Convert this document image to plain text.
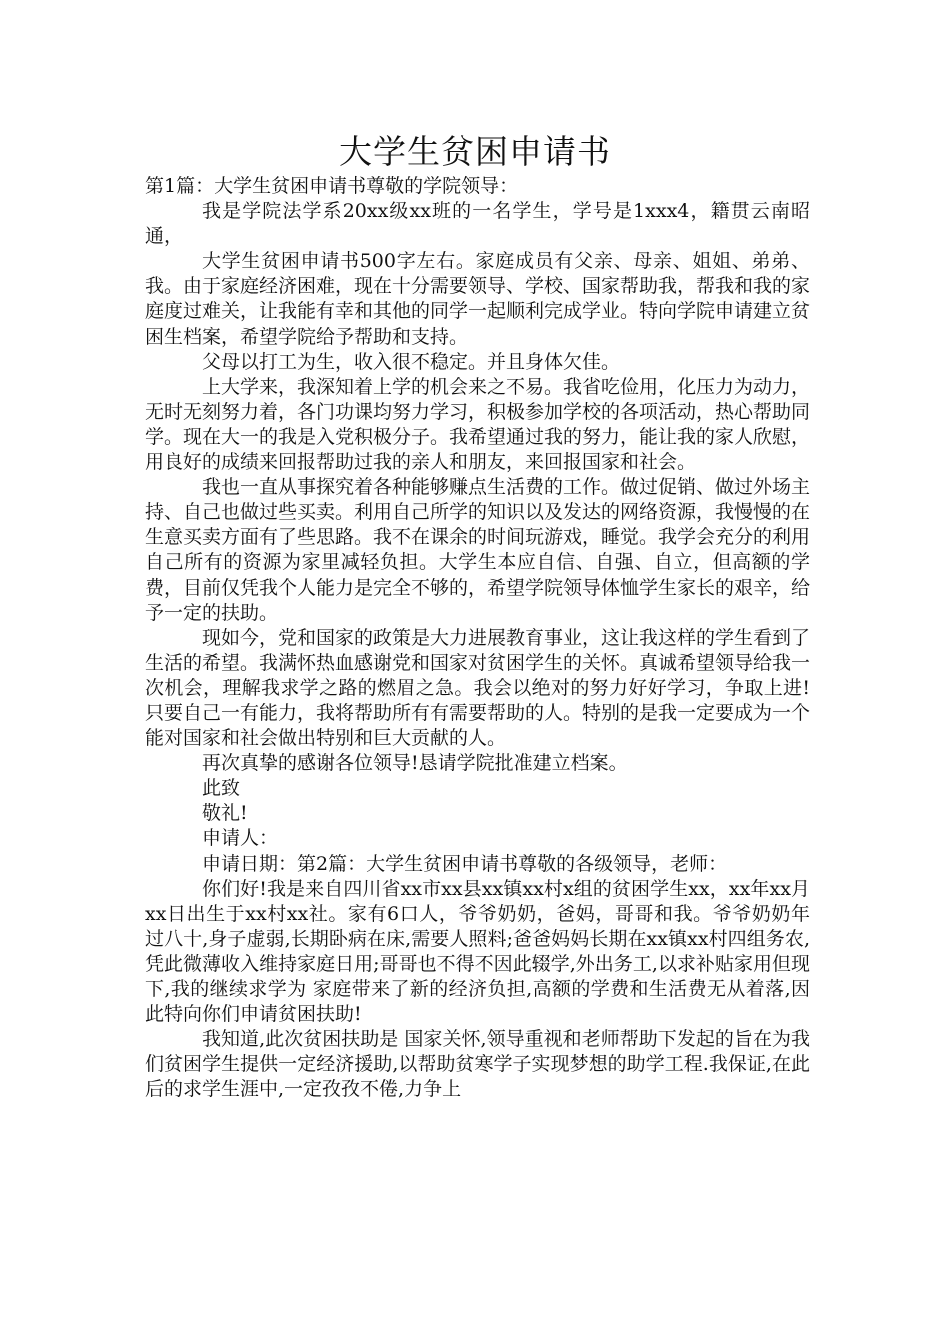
大学生贫困申请书

第1篇：大学生贫困申请书尊敬的学院领导：

我是学院法学系20xx级xx班的一名学生，学号是1xxx4，籍贯云南昭通，

大学生贫困申请书500字左右。家庭成员有父亲、母亲、姐姐、弟弟、我。由于家庭经济困难，现在十分需要领导、学校、国家帮助我，帮我和我的家庭度过难关，让我能有幸和其他的同学一起顺利完成学业。特向学院申请建立贫困生档案，希望学院给予帮助和支持。

父母以打工为生，收入很不稳定。并且身体欠佳。

上大学来，我深知着上学的机会来之不易。我省吃俭用，化压力为动力，无时无刻努力着，各门功课均努力学习，积极参加学校的各项活动，热心帮助同学。现在大一的我是入党积极分子。我希望通过我的努力，能让我的家人欣慰，用良好的成绩来回报帮助过我的亲人和朋友，来回报国家和社会。

我也一直从事探究着各种能够赚点生活费的工作。做过促销、做过外场主持、自己也做过些买卖。利用自己所学的知识以及发达的网络资源，我慢慢的在生意买卖方面有了些思路。我不在课余的时间玩游戏，睡觉。我学会充分的利用自己所有的资源为家里减轻负担。大学生本应自信、自强、自立，但高额的学费，目前仅凭我个人能力是完全不够的，希望学院领导体恤学生家长的艰辛，给予一定的扶助。

现如今，党和国家的政策是大力进展教育事业，这让我这样的学生看到了生活的希望。我满怀热血感谢党和国家对贫困学生的关怀。真诚希望领导给我一次机会，理解我求学之路的燃眉之急。我会以绝对的努力好好学习，争取上进!只要自己一有能力，我将帮助所有有需要帮助的人。特别的是我一定要成为一个能对国家和社会做出特别和巨大贡献的人。

再次真挚的感谢各位领导!恳请学院批准建立档案。

此致

敬礼!

申请人：

申请日期：第2篇：大学生贫困申请书尊敬的各级领导，老师：

你们好!我是来自四川省xx市xx县xx镇xx村x组的贫困学生xx，xx年xx月xx日出生于xx村xx社。家有6口人，爷爷奶奶，爸妈，哥哥和我。爷爷奶奶年过八十,身子虚弱,长期卧病在床,需要人照料;爸爸妈妈长期在xx镇xx村四组务农,凭此微薄收入维持家庭日用;哥哥也不得不因此辍学,外出务工,以求补贴家用但现下,我的继续求学为 家庭带来了新的经济负担,高额的学费和生活费无从着落,因此特向你们申请贫困扶助!

我知道,此次贫困扶助是 国家关怀,领导重视和老师帮助下发起的旨在为我们贫困学生提供一定经济援助,以帮助贫寒学子实现梦想的助学工程.我保证,在此后的求学生涯中,一定孜孜不倦,力争上
